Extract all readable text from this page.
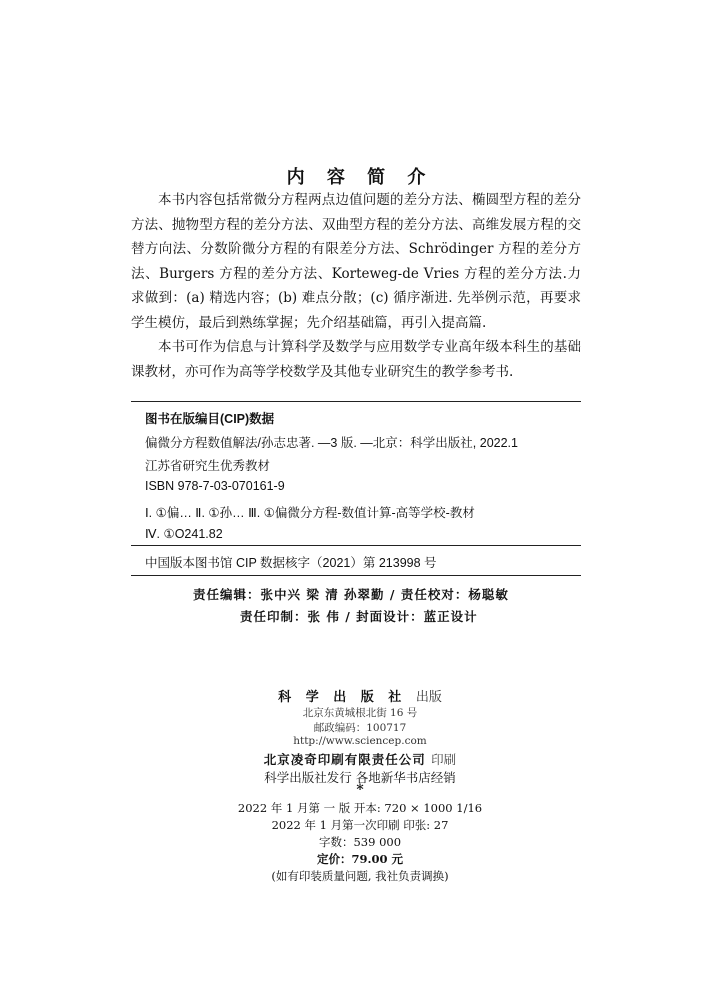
内 容 简 介

本书内容包括常微分方程两点边值问题的差分方法、椭圆型方程的差分方法、抛物型方程的差分方法、双曲型方程的差分方法、高维发展方程的交替方向法、分数阶微分方程的有限差分方法、Schrödinger 方程的差分方法、Burgers 方程的差分方法、Korteweg-de Vries 方程的差分方法.力求做到：(a) 精选内容；(b) 难点分散；(c) 循序渐进. 先举例示范，再要求学生模仿，最后到熟练掌握；先介绍基础篇，再引入提高篇.

本书可作为信息与计算科学及数学与应用数学专业高年级本科生的基础课教材，亦可作为高等学校数学及其他专业研究生的教学参考书.

图书在版编目(CIP)数据
偏微分方程数值解法/孙志忠著. —3 版. —北京：科学出版社, 2022.1
江苏省研究生优秀教材
ISBN 978-7-03-070161-9
Ⅰ. ①偏… Ⅱ. ①孙… Ⅲ. ①偏微分方程-数值计算-高等学校-教材
Ⅳ. ①O241.82
中国版本图书馆 CIP 数据核字（2021）第 213998 号
责任编辑：张中兴 梁 清 孙翠勤 / 责任校对：杨聪敏
责任印制：张 伟 / 封面设计：蓝正设计
科 学 出 版 社 出版
北京东黄城根北街 16 号
邮政编码：100717
http://www.sciencep.com
北京凌奇印刷有限责任公司 印刷
科学出版社发行 各地新华书店经销
*
2022 年 1 月第 一 版 开本: 720 × 1000 1/16
2022 年 1 月第一次印刷 印张: 27
字数：539 000
定价：79.00 元
(如有印装质量问题, 我社负责调换)
